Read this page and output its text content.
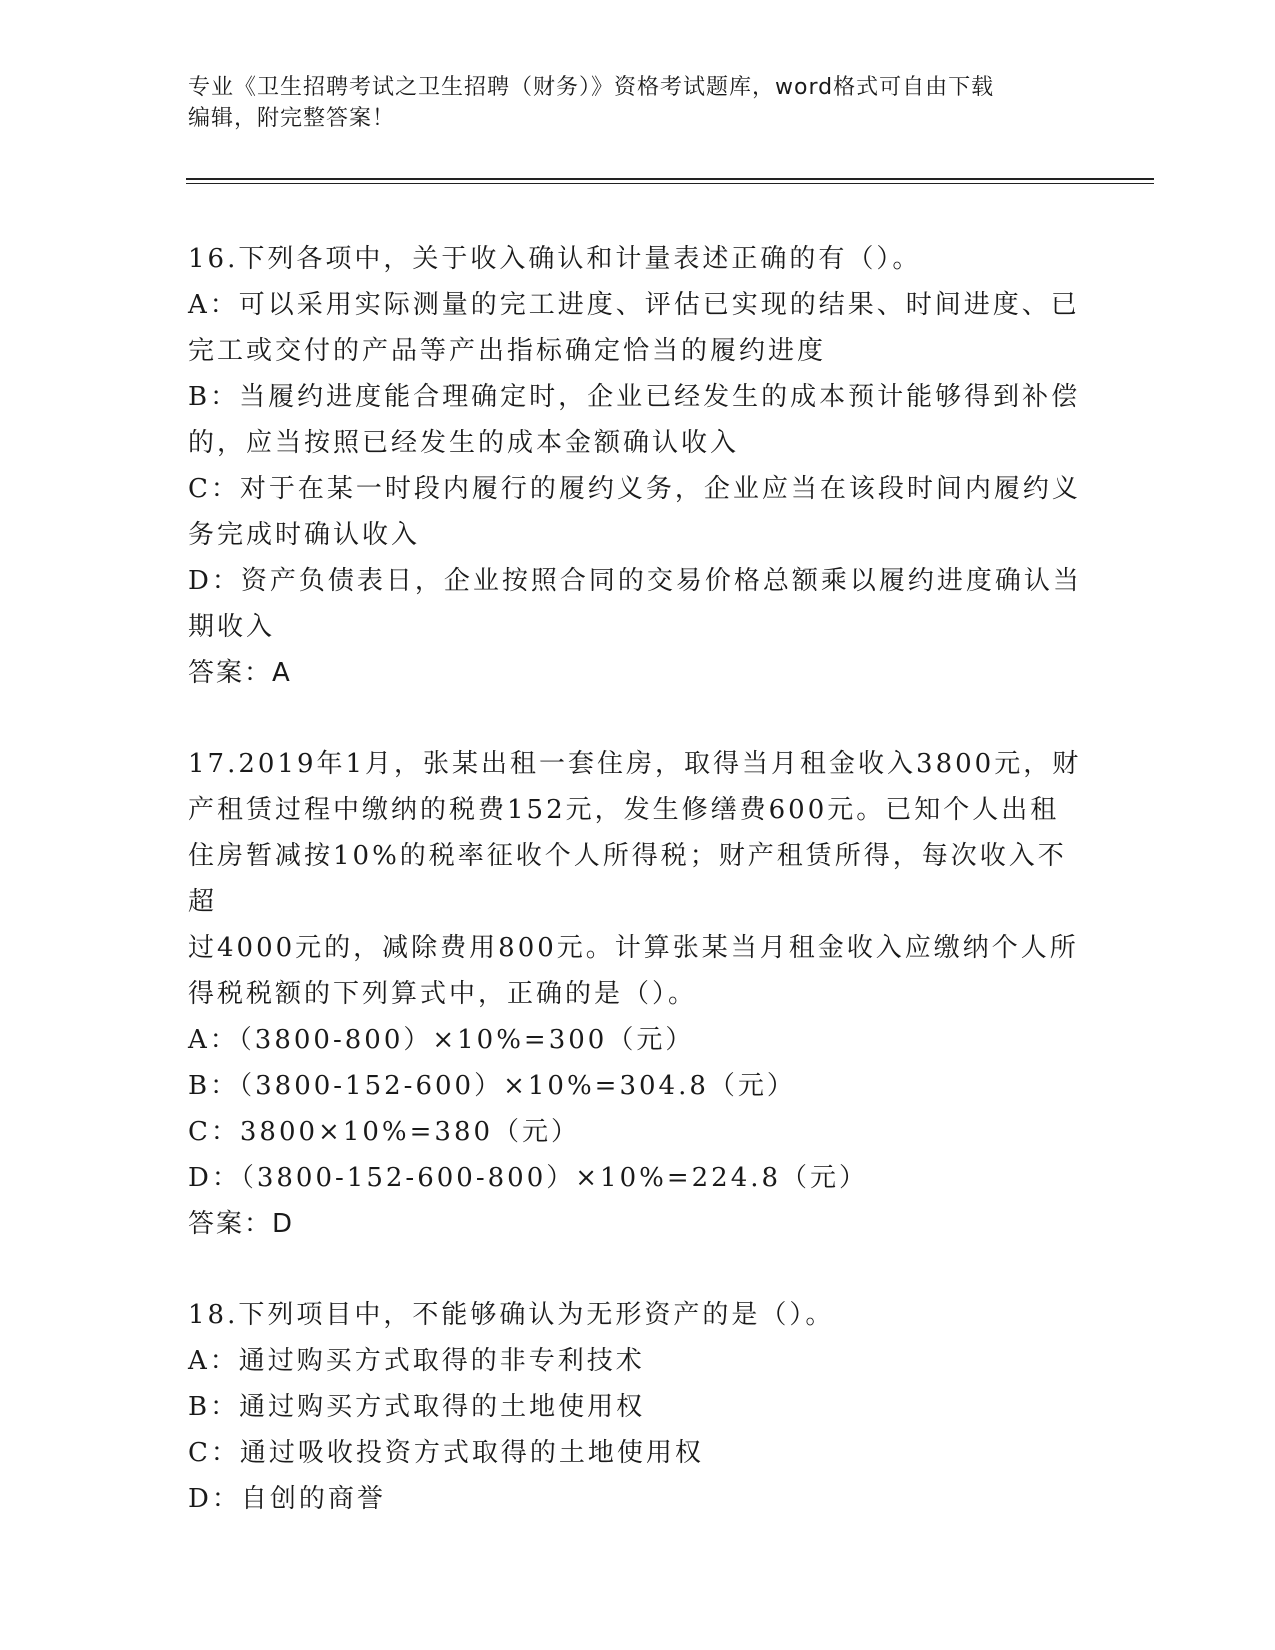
专业《卫生招聘考试之卫生招聘（财务）》资格考试题库，word格式可自由下载
编辑，附完整答案！
16.下列各项中，关于收入确认和计量表述正确的有（）。
A：可以采用实际测量的完工进度、评估已实现的结果、时间进度、已
完工或交付的产品等产出指标确定恰当的履约进度
B：当履约进度能合理确定时，企业已经发生的成本预计能够得到补偿
的，应当按照已经发生的成本金额确认收入
C：对于在某一时段内履行的履约义务，企业应当在该段时间内履约义
务完成时确认收入
D：资产负债表日，企业按照合同的交易价格总额乘以履约进度确认当
期收入
答案：A
17.2019年1月，张某出租一套住房，取得当月租金收入3800元，财
产租赁过程中缴纳的税费152元，发生修缮费600元。已知个人出租
住房暂减按10%的税率征收个人所得税；财产租赁所得，每次收入不超
过4000元的，减除费用800元。计算张某当月租金收入应缴纳个人所
得税税额的下列算式中，正确的是（）。
A：（3800-800）×10%=300（元）
B：（3800-152-600）×10%=304.8（元）
C：3800×10%=380（元）
D：（3800-152-600-800）×10%=224.8（元）
答案：D
18.下列项目中，不能够确认为无形资产的是（）。
A：通过购买方式取得的非专利技术
B：通过购买方式取得的土地使用权
C：通过吸收投资方式取得的土地使用权
D：自创的商誉
